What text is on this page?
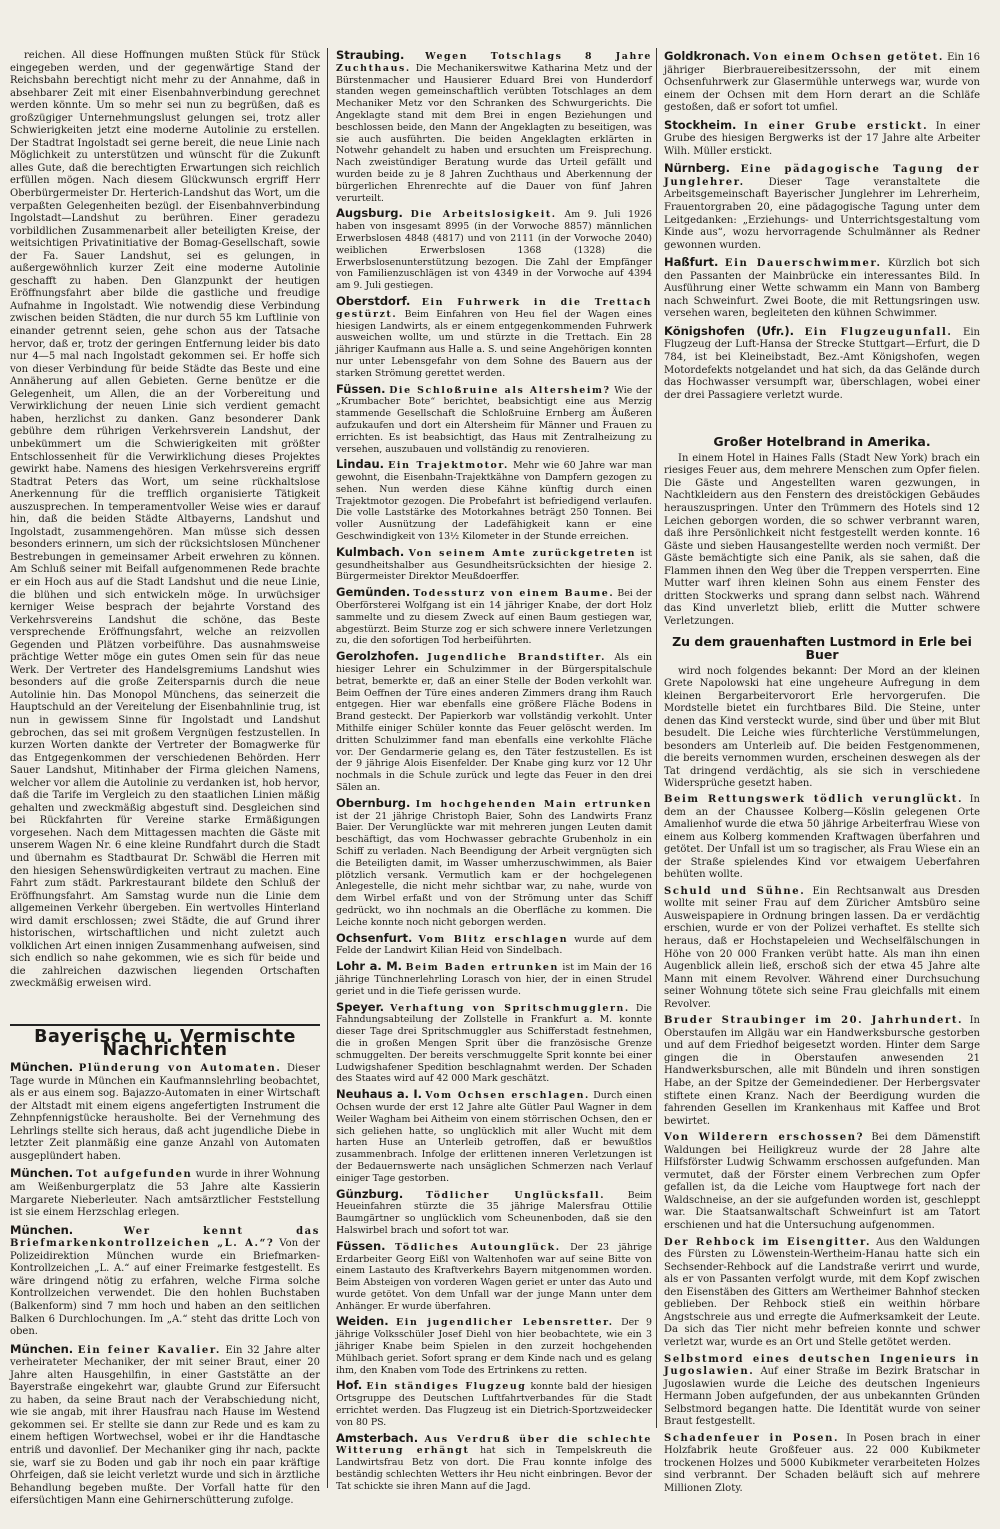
reichen. All diese Hoffnungen mußten Stück für Stück eingegeben werden, und der gegenwärtige Stand der Reichsbahn berechtigt nicht mehr zu der Annahme, daß in absehbarer Zeit mit einer Eisenbahnverbindung gerechnet werden könnte. Um so mehr sei nun zu begrüßen, daß es großzügiger Unternehmungslust gelungen sei, trotz aller Schwierigkeiten jetzt eine moderne Autolinie zu erstellen. Der Stadtrat Ingolstadt sei gerne bereit, die neue Linie nach Möglichkeit zu unterstützen und wünscht für die Zukunft alles Gute, daß die berechtigten Erwartungen sich reichlich erfüllen mögen. Nach diesem Glückwunsch ergriff Herr Oberbürgermeister Dr. Herterich-Landshut das Wort, um die verpaßten Gelegenheiten bezügl. der Eisenbahnverbindung Ingolstadt—Landshut zu berühren. Einer geradezu vorbildlichen Zusammenarbeit aller beteiligten Kreise, der weitsichtigen Privatinitiative der Bomag-Gesellschaft, sowie der Fa. Sauer Landshut, sei es gelungen, in außergewöhnlich kurzer Zeit eine moderne Autolinie geschafft zu haben. Den Glanzpunkt der heutigen Eröffnungsfahrt aber bilde die gastliche und freudige Aufnahme in Ingolstadt. Wie notwendig diese Verbindung zwischen beiden Städten, die nur durch 55 km Luftlinie von einander getrennt seien, gehe schon aus der Tatsache hervor, daß er, trotz der geringen Entfernung leider bis dato nur 4—5 mal nach Ingolstadt gekommen sei. Er hoffe sich von dieser Verbindung für beide Städte das Beste und eine Annäherung auf allen Gebieten. Gerne benütze er die Gelegenheit, um Allen, die an der Vorbereitung und Verwirklichung der neuen Linie sich verdient gemacht haben, herzlichst zu danken. Ganz besonderer Dank gebühre dem rührigen Verkehrsverein Landshut, der unbekümmert um die Schwierigkeiten mit größter Entschlossenheit für die Verwirklichung dieses Projektes gewirkt habe. Namens des hiesigen Verkehrsvereins ergriff Stadtrat Peters das Wort, um seine rückhaltslose Anerkennung für die trefflich organisierte Tätigkeit auszusprechen. In temperamentvoller Weise wies er darauf hin, daß die beiden Städte Altbayerns, Landshut und Ingolstadt, zusammengehören. Man müsse sich dessen besonders erinnern, um sich der rücksichtslosen Münchener Bestrebungen in gemeinsamer Arbeit erwehren zu können. Am Schluß seiner mit Beifall aufgenommenen Rede brachte er ein Hoch aus auf die Stadt Landshut und die neue Linie, die blühen und sich entwickeln möge. In urwüchsiger kerniger Weise besprach der bejahrte Vorstand des Verkehrsvereins Landshut die schöne, das Beste versprechende Eröffnungsfahrt, welche an reizvollen Gegenden und Plätzen vorbeiführe. Das ausnahmsweise prächtige Wetter möge ein gutes Omen sein für das neue Werk. Der Vertreter des Handelsgremiums Landshut wies besonders auf die große Zeitersparnis durch die neue Autolinie hin. Das Monopol Münchens, das seinerzeit die Hauptschuld an der Vereitelung der Eisenbahnlinie trug, ist nun in gewissem Sinne für Ingolstadt und Landshut gebrochen, das sei mit großem Vergnügen festzustellen. In kurzen Worten dankte der Vertreter der Bomagwerke für das Entgegenkommen der verschiedenen Behörden. Herr Sauer Landshut, Mitinhaber der Firma gleichen Namens, welcher vor allem die Autolinie zu verdanken ist, hob hervor, daß die Tarife im Vergleich zu den staatlichen Linien mäßig gehalten und zweckmäßig abgestuft sind. Desgleichen sind bei Rückfahrten für Vereine starke Ermäßigungen vorgesehen. Nach dem Mittagessen machten die Gäste mit unserem Wagen Nr. 6 eine kleine Rundfahrt durch die Stadt und übernahm es Stadtbaurat Dr. Schwäbl die Herren mit den hiesigen Sehenswürdigkeiten vertraut zu machen. Eine Fahrt zum städt. Parkrestaurant bildete den Schluß der Eröffnungsfahrt. Am Samstag wurde nun die Linie dem allgemeinen Verkehr übergeben. Ein wertvolles Hinterland wird damit erschlossen; zwei Städte, die auf Grund ihrer historischen, wirtschaftlichen und nicht zuletzt auch volklichen Art einen innigen Zusammenhang aufweisen, sind sich endlich so nahe gekommen, wie es sich für beide und die zahlreichen dazwischen liegenden Ortschaften zweckmäßig erweisen wird.

Bayerische u. Vermischte Nachrichten
München. Plünderung von Automaten. Dieser Tage wurde in München ein Kaufmannslehrling beobachtet, als er aus einem sog. Bajazzo-Automaten in einer Wirtschaft der Altstadt mit einem eigens angefertigten Instrument die Zehnpfennigstücke herausholte. Bei der Vernehmung des Lehrlings stellte sich heraus, daß acht jugendliche Diebe in letzter Zeit planmäßig eine ganze Anzahl von Automaten ausgeplündert haben.
München. Tot aufgefunden wurde in ihrer Wohnung am Weißenburgerplatz die 53 Jahre alte Kassierin Margarete Nieberleuter. Nach amtsärztlicher Feststellung ist sie einem Herzschlag erlegen.
München.	Wer kennt das Briefmarkenkontrollzeichen „L. A.“? Von der Polizeidirektion München wurde ein Briefmarken-Kontrollzeichen „L. A.“ auf einer Freimarke festgestellt. Es wäre dringend nötig zu erfahren, welche Firma solche Kontrollzeichen verwendet. Die den hohlen Buchstaben (Balkenform) sind 7 mm hoch und haben an den seitlichen Balken 6 Durchlochungen. Im „A.“ steht das dritte Loch von oben.
München. Ein feiner Kavalier. Ein 32 Jahre alter verheirateter Mechaniker, der mit seiner Braut, einer 20 Jahre alten Hausgehilfin, in einer Gaststätte an der Bayerstraße eingekehrt war, glaubte Grund zur Eifersucht zu haben, da seine Braut nach der Verabschiedung nicht, wie sie angab, mit ihrer Hausfrau nach Hause im Westend gekommen sei. Er stellte sie dann zur Rede und es kam zu einem heftigen Wortwechsel, wobei er ihr die Handtasche entriß und davonlief. Der Mechaniker ging ihr nach, packte sie, warf sie zu Boden und gab ihr noch ein paar kräftige Ohrfeigen, daß sie leicht verletzt wurde und sich in ärztliche Behandlung begeben mußte. Der Vorfall hatte für den eifersüchtigen Mann eine Gehirnerschütterung zufolge.
Straubing. Wegen Totschlags 8 Jahre Zuchthaus. Die Mechanikerswitwe Katharina Metz und der Bürstenmacher und Hausierer Eduard Brei von Hunderdorf standen wegen gemeinschaftlich verübten Totschlages an dem Mechaniker Metz vor den Schranken des Schwurgerichts. Die Angeklagte stand mit dem Brei in engen Beziehungen und beschlossen beide, den Mann der Angeklagten zu beseitigen, was sie auch ausführten. Die beiden Angeklagten erklärten in Notwehr gehandelt zu haben und ersuchten um Freisprechung. Nach zweistündiger Beratung wurde das Urteil gefällt und wurden beide zu je 8 Jahren Zuchthaus und Aberkennung der bürgerlichen Ehrenrechte auf die Dauer von fünf Jahren verurteilt.
Augsburg. Die Arbeitslosigkeit. Am 9. Juli 1926 haben von insgesamt 8995 (in der Vorwoche 8857) männlichen Erwerbslosen 4848 (4817) und von 2111 (in der Vorwoche 2040) weiblichen Erwerbslosen 1368 (1328) die Erwerbslosenunterstützung bezogen. Die Zahl der Empfänger von Familienzuschlägen ist von 4349 in der Vorwoche auf 4394 am 9. Juli gestiegen.
Oberstdorf. Ein Fuhrwerk in die Trettach gestürzt. Beim Einfahren von Heu fiel der Wagen eines hiesigen Landwirts, als er einem entgegenkommenden Fuhrwerk ausweichen wollte, um und stürzte in die Trettach. Ein 28 jähriger Kaufmann aus Halle a. S. und seine Angehörigen konnten nur unter Lebensgefahr von dem Sohne des Bauern aus der starken Strömung gerettet werden.
Füssen. Die Schloßruine als Altersheim? Wie der „Krumbacher Bote“ berichtet, beabsichtigt eine aus Merzig stammende Gesellschaft die Schloßruine Ernberg am Äußeren aufzukaufen und dort ein Altersheim für Männer und Frauen zu errichten. Es ist beabsichtigt, das Haus mit Zentralheizung zu versehen, auszubauen und vollständig zu renovieren.
Lindau. Ein Trajektmotor. Mehr wie 60 Jahre war man gewohnt, die Eisenbahn-Trajektkähne von Dampfern gezogen zu sehen. Nun werden diese Kähne künftig durch einen Trajektmotor gezogen. Die Probefahrt ist befriedigend verlaufen. Die volle Laststärke des Motorkahnes beträgt 250 Tonnen. Bei voller Ausnützung der Ladefähigkeit kann er eine Geschwindigkeit von 13½ Kilometer in der Stunde erreichen.
Kulmbach. Von seinem Amte zurückgetreten ist gesundheitshalber aus Gesundheitsrücksichten der hiesige 2. Bürgermeister Direktor Meußdoerffer.
Gemünden. Todessturz von einem Baume. Bei der Oberförsterei Wolfgang ist ein 14 jähriger Knabe, der dort Holz sammelte und zu diesem Zweck auf einen Baum gestiegen war, abgestürzt. Beim Sturze zog er sich schwere innere Verletzungen zu, die den sofortigen Tod herbeiführten.
Gerolzhofen. Jugendliche Brandstifter. Als ein hiesiger Lehrer ein Schulzimmer in der Bürgerspitalschule betrat, bemerkte er, daß an einer Stelle der Boden verkohlt war. Beim Oeffnen der Türe eines anderen Zimmers drang ihm Rauch entgegen. Hier war ebenfalls eine größere Fläche Bodens in Brand gesteckt. Der Papierkorb war vollständig verkohlt. Unter Mithilfe einiger Schüler konnte das Feuer gelöscht werden. Im dritten Schulzimmer fand man ebenfalls eine verkohlte Fläche vor. Der Gendarmerie gelang es, den Täter festzustellen. Es ist der 9 jährige Alois Eisenfelder. Der Knabe ging kurz vor 12 Uhr nochmals in die Schule zurück und legte das Feuer in den drei Sälen an.
Obernburg. Im hochgehenden Main ertrunken ist der 21 jährige Christoph Baier, Sohn des Landwirts Franz Baier. Der Verunglückte war mit mehreren jungen Leuten damit beschäftigt, das vom Hochwasser gebrachte Grubenholz in ein Schiff zu verladen. Nach Beendigung der Arbeit vergnügten sich die Beteiligten damit, im Wasser umherzuschwimmen, als Baier plötzlich versank. Vermutlich kam er der hochgelegenen Anlegestelle, die nicht mehr sichtbar war, zu nahe, wurde von dem Wirbel erfaßt und von der Strömung unter das Schiff gedrückt, wo ihn nochmals an die Oberfläche zu kommen. Die Leiche konnte noch nicht geborgen werden.
Ochsenfurt. Vom Blitz erschlagen wurde auf dem Felde der Landwirt Kilian Heid von Sindelbach.
Lohr a. M. Beim Baden ertrunken ist im Main der 16 jährige Tünchnerlehrling Lorasch von hier, der in einen Strudel geriet und in die Tiefe gerissen wurde.
Speyer. Verhaftung von Spritschmugglern. Die Fahndungsabteilung der Zollstelle in Frankfurt a. M. konnte dieser Tage drei Spritschmuggler aus Schifferstadt festnehmen, die in großen Mengen Sprit über die französische Grenze schmuggelten. Der bereits verschmuggelte Sprit konnte bei einer Ludwigshafener Spedition beschlagnahmt werden. Der Schaden des Staates wird auf 42 000 Mark geschätzt.
Neuhaus a. I. Vom Ochsen erschlagen. Durch einen Ochsen wurde der erst 12 Jahre alte Gütler Paul Wagner in dem Weiler Wagham bei Aitheim von einem störrischen Ochsen, den er sich geliehen hatte, so unglücklich mit aller Wucht mit dem harten Huse an Unterleib getroffen, daß er bewußtlos zusammenbrach. Infolge der erlittenen inneren Verletzungen ist der Bedauernswerte nach unsäglichen Schmerzen nach Verlauf einiger Tage gestorben.
Günzburg. Tödlicher Unglücksfall. Beim Heueinfahren stürzte die 35 jährige Malersfrau Ottilie Baumgärtner so unglücklich vom Scheunenboden, daß sie den Halswirbel brach und sofort tot war.
Füssen. Tödliches Autounglück. Der 23 jährige Erdarbeiter Georg Eißl von Waltenhofen war auf seine Bitte von einem Lastauto des Kraftverkehrs Bayern mitgenommen worden. Beim Absteigen von vorderen Wagen geriet er unter das Auto und wurde getötet. Von dem Unfall war der junge Mann unter dem Anhänger. Er wurde überfahren.
Weiden. Ein jugendlicher Lebensretter. Der 9 jährige Volksschüler Josef Diehl von hier beobachtete, wie ein 3 jähriger Knabe beim Spielen in den zurzeit hochgehenden Mühlbach geriet. Sofort sprang er dem Kinde nach und es gelang ihm, den Knaben vom Tode des Ertrinkens zu retten.
Hof. Ein ständiges Flugzeug konnte bald der hiesigen Ortsgruppe des Deutschen Luftfahrtverbandes für die Stadt errichtet werden. Das Flugzeug ist ein Dietrich-Sportzweidecker von 80 PS.
Amsterbach. Aus Verdruß über die schlechte Witterung erhängt hat sich in Tempelskreuth die Landwirtsfrau Betz von dort. Die Frau konnte infolge des beständig schlechten Wetters ihr Heu nicht einbringen. Bevor der Tat schickte sie ihren Mann auf die Jagd.
Goldkronach. Von einem Ochsen getötet. Ein 16 jähriger Bierbrauereibesitzerssohn, der mit einem Ochsenfuhrwerk zur Glasermühle unterwegs war, wurde von einem der Ochsen mit dem Horn derart an die Schläfe gestoßen, daß er sofort tot umfiel.
Stockheim. In einer Grube erstickt. In einer Grube des hiesigen Bergwerks ist der 17 Jahre alte Arbeiter Wilh. Müller erstickt.
Nürnberg. Eine pädagogische Tagung der Junglehrer. Dieser Tage veranstaltete die Arbeitsgemeinschaft Bayerischer Junglehrer im Lehrerheim, Frauentorgraben 20, eine pädagogische Tagung unter dem Leitgedanken: „Erziehungs- und Unterrichtsgestaltung vom Kinde aus“, wozu hervorragende Schulmänner als Redner gewonnen wurden.
Haßfurt. Ein Dauerschwimmer. Kürzlich bot sich den Passanten der Mainbrücke ein interessantes Bild. In Ausführung einer Wette schwamm ein Mann von Bamberg nach Schweinfurt. Zwei Boote, die mit Rettungsringen usw. versehen waren, begleiteten den kühnen Schwimmer.
Königshofen (Ufr.). Ein Flugzeugunfall. Ein Flugzeug der Luft-Hansa der Strecke Stuttgart—Erfurt, die D 784, ist bei Kleineibstadt, Bez.-Amt Königshofen, wegen Motordefekts notgelandet und hat sich, da das Gelände durch das Hochwasser versumpft war, überschlagen, wobei einer der drei Passagiere verletzt wurde.
Großer Hotelbrand in Amerika.

In einem Hotel in Haines Falls (Stadt New York) brach ein riesiges Feuer aus, dem mehrere Menschen zum Opfer fielen. Die Gäste und Angestellten waren gezwungen, in Nachtkleidern aus den Fenstern des dreistöckigen Gebäudes herauszuspringen. Unter den Trümmern des Hotels sind 12 Leichen geborgen worden, die so schwer verbrannt waren, daß ihre Persönlichkeit nicht festgestellt werden konnte. 16 Gäste und sieben Hausangestellte werden noch vermißt. Der Gäste bemächtigte sich eine Panik, als sie sahen, daß die Flammen ihnen den Weg über die Treppen versperrten. Eine Mutter warf ihren kleinen Sohn aus einem Fenster des dritten Stockwerks und sprang dann selbst nach. Während das Kind unverletzt blieb, erlitt die Mutter schwere Verletzungen.

Zu dem grauenhaften Lustmord in Erle bei Buer

wird noch folgendes bekannt: Der Mord an der kleinen Grete Napolowski hat eine ungeheure Aufregung in dem kleinen Bergarbeitervorort Erle hervorgerufen. Die Mordstelle bietet ein furchtbares Bild. Die Steine, unter denen das Kind versteckt wurde, sind über und über mit Blut besudelt. Die Leiche wies fürchterliche Verstümmelungen, besonders am Unterleib auf. Die beiden Festgenommenen, die bereits vernommen wurden, erscheinen deswegen als der Tat dringend verdächtig, als sie sich in verschiedene Widersprüche gesetzt haben.

Beim Rettungswerk tödlich verunglückt. In dem an der Chaussee Kolberg—Köslin gelegenen Orte Amalienhof wurde die etwa 50 jährige Arbeiterfrau Wiese von einem aus Kolberg kommenden Kraftwagen überfahren und getötet. Der Unfall ist um so tragischer, als Frau Wiese ein an der Straße spielendes Kind vor etwaigem Ueberfahren behüten wollte.
Schuld und Sühne. Ein Rechtsanwalt aus Dresden wollte mit seiner Frau auf dem Züricher Amtsbüro seine Ausweispapiere in Ordnung bringen lassen. Da er verdächtig erschien, wurde er von der Polizei verhaftet. Es stellte sich heraus, daß er Hochstapeleien und Wechselfälschungen in Höhe von 20 000 Franken verübt hatte. Als man ihn einen Augenblick allein ließ, erschoß sich der etwa 45 Jahre alte Mann mit einem Revolver. Während einer Durchsuchung seiner Wohnung tötete sich seine Frau gleichfalls mit einem Revolver.
Bruder Straubinger im 20. Jahrhundert. In Oberstaufen im Allgäu war ein Handwerksbursche gestorben und auf dem Friedhof beigesetzt worden. Hinter dem Sarge gingen die in Oberstaufen anwesenden 21 Handwerksburschen, alle mit Bündeln und ihren sonstigen Habe, an der Spitze der Gemeindediener. Der Herbergsvater stiftete einen Kranz. Nach der Beerdigung wurden die fahrenden Gesellen im Krankenhaus mit Kaffee und Brot bewirtet.
Von Wilderern erschossen? Bei dem Dämenstift Waldungen bei Heiligkreuz wurde der 28 Jahre alte Hilfsförster Ludwig Schwamm erschossen aufgefunden. Man vermutet, daß der Förster einem Verbrechen zum Opfer gefallen ist, da die Leiche vom Hauptwege fort nach der Waldschneise, an der sie aufgefunden worden ist, geschleppt war. Die Staatsanwaltschaft Schweinfurt ist am Tatort erschienen und hat die Untersuchung aufgenommen.
Der Rehbock im Eisengitter. Aus den Waldungen des Fürsten zu Löwenstein-Wertheim-Hanau hatte sich ein Sechsender-Rehbock auf die Landstraße verirrt und wurde, als er von Passanten verfolgt wurde, mit dem Kopf zwischen den Eisenstäben des Gitters am Wertheimer Bahnhof stecken geblieben. Der Rehbock stieß ein weithin hörbare Angstschreie aus und erregte die Aufmerksamkeit der Leute. Da sich das Tier nicht mehr befreien konnte und schwer verletzt war, wurde es an Ort und Stelle getötet werden.
Selbstmord eines deutschen Ingenieurs in Jugoslawien. Auf einer Straße im Bezirk Bratschar in Jugoslawien wurde die Leiche des deutschen Ingenieurs Hermann Joben aufgefunden, der aus unbekannten Gründen Selbstmord begangen hatte. Die Identität wurde von seiner Braut festgestellt.
Schadenfeuer in Posen. In Posen brach in einer Holzfabrik heute Großfeuer aus. 22 000 Kubikmeter trockenen Holzes und 5000 Kubikmeter verarbeiteten Holzes sind verbrannt. Der Schaden beläuft sich auf mehrere Millionen Zloty.
